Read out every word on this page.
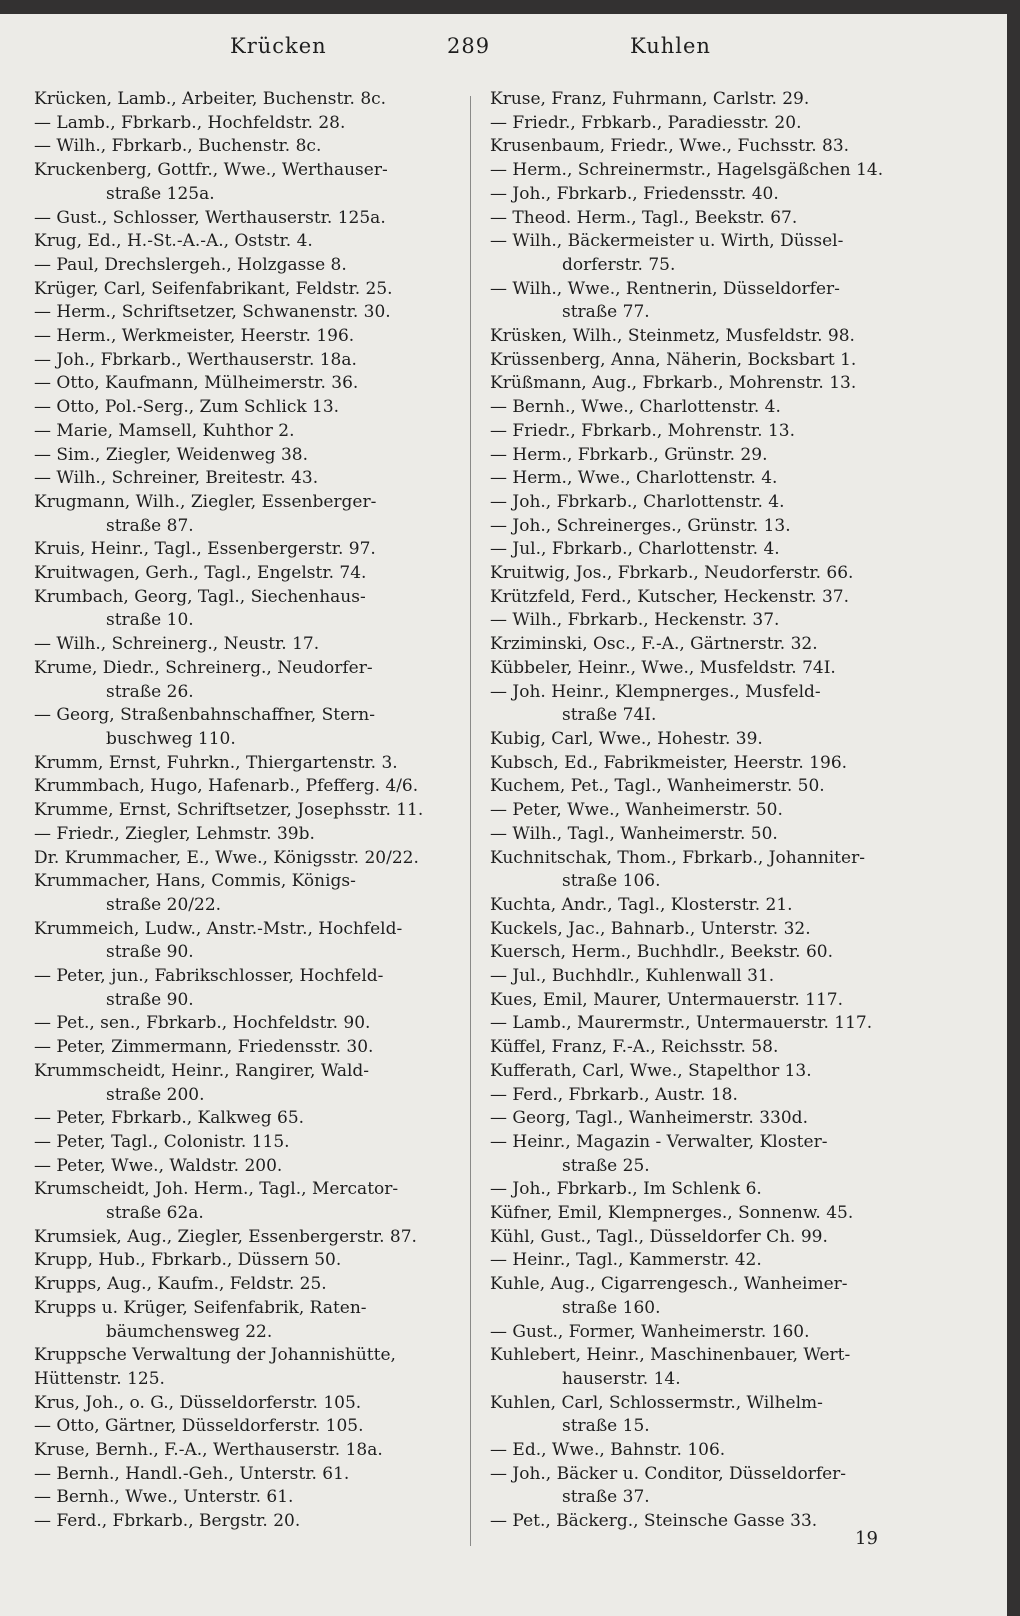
Krücken	289	Kuhlen
Krücken, Lamb., Arbeiter, Buchenstr. 8c.
— Lamb., Fbrkarb., Hochfeldstr. 28.
— Wilh., Fbrkarb., Buchenstr. 8c.
Kruckenberg, Gottfr., Wwe., Werthauser-
straße 125a.
— Gust., Schlosser, Werthauserstr. 125a.
Krug, Ed., H.-St.-A.-A., Oststr. 4.
— Paul, Drechslergeh., Holzgasse 8.
Krüger, Carl, Seifenfabrikant, Feldstr. 25.
— Herm., Schriftsetzer, Schwanenstr. 30.
— Herm., Werkmeister, Heerstr. 196.
— Joh., Fbrkarb., Werthauserstr. 18a.
— Otto, Kaufmann, Mülheimerstr. 36.
— Otto, Pol.-Serg., Zum Schlick 13.
— Marie, Mamsell, Kuhthor 2.
— Sim., Ziegler, Weidenweg 38.
— Wilh., Schreiner, Breitestr. 43.
Krugmann, Wilh., Ziegler, Essenberger-
straße 87.
Kruis, Heinr., Tagl., Essenbergerstr. 97.
Kruitwagen, Gerh., Tagl., Engelstr. 74.
Krumbach, Georg, Tagl., Siechenhaus-
straße 10.
— Wilh., Schreinerg., Neustr. 17.
Krume, Diedr., Schreinerg., Neudorfer-
straße 26.
— Georg, Straßenbahnschaffner, Stern-
buschweg 110.
Krumm, Ernst, Fuhrkn., Thiergartenstr. 3.
Krummbach, Hugo, Hafenarb., Pfefferg. 4/6.
Krumme, Ernst, Schriftsetzer, Josephsstr. 11.
— Friedr., Ziegler, Lehmstr. 39b.
Dr. Krummacher, E., Wwe., Königsstr. 20/22.
Krummacher, Hans, Commis, Königs-
straße 20/22.
Krummeich, Ludw., Anstr.-Mstr., Hochfeld-
straße 90.
— Peter, jun., Fabrikschlosser, Hochfeld-
straße 90.
— Pet., sen., Fbrkarb., Hochfeldstr. 90.
— Peter, Zimmermann, Friedensstr. 30.
Krummscheidt, Heinr., Rangirer, Wald-
straße 200.
— Peter, Fbrkarb., Kalkweg 65.
— Peter, Tagl., Colonistr. 115.
— Peter, Wwe., Waldstr. 200.
Krumscheidt, Joh. Herm., Tagl., Mercator-
straße 62a.
Krumsiek, Aug., Ziegler, Essenbergerstr. 87.
Krupp, Hub., Fbrkarb., Düssern 50.
Krupps, Aug., Kaufm., Feldstr. 25.
Krupps u. Krüger, Seifenfabrik, Raten-
bäumchensweg 22.
Kruppsche Verwaltung der Johannishütte,
Hüttenstr. 125.
Krus, Joh., o. G., Düsseldorferstr. 105.
— Otto, Gärtner, Düsseldorferstr. 105.
Kruse, Bernh., F.-A., Werthauserstr. 18a.
— Bernh., Handl.-Geh., Unterstr. 61.
— Bernh., Wwe., Unterstr. 61.
— Ferd., Fbrkarb., Bergstr. 20.
Kruse, Franz, Fuhrmann, Carlstr. 29.
— Friedr., Frbkarb., Paradiesstr. 20.
Krusenbaum, Friedr., Wwe., Fuchsstr. 83.
— Herm., Schreinermstr., Hagelsgäßchen 14.
— Joh., Fbrkarb., Friedensstr. 40.
— Theod. Herm., Tagl., Beekstr. 67.
— Wilh., Bäckermeister u. Wirth, Düssel-
dorferstr. 75.
— Wilh., Wwe., Rentnerin, Düsseldorfer-
straße 77.
Krüsken, Wilh., Steinmetz, Musfeldstr. 98.
Krüssenberg, Anna, Näherin, Bocksbart 1.
Krüßmann, Aug., Fbrkarb., Mohrenstr. 13.
— Bernh., Wwe., Charlottenstr. 4.
— Friedr., Fbrkarb., Mohrenstr. 13.
— Herm., Fbrkarb., Grünstr. 29.
— Herm., Wwe., Charlottenstr. 4.
— Joh., Fbrkarb., Charlottenstr. 4.
— Joh., Schreinerges., Grünstr. 13.
— Jul., Fbrkarb., Charlottenstr. 4.
Kruitwig, Jos., Fbrkarb., Neudorferstr. 66.
Krützfeld, Ferd., Kutscher, Heckenstr. 37.
— Wilh., Fbrkarb., Heckenstr. 37.
Krziminski, Osc., F.-A., Gärtnerstr. 32.
Kübbeler, Heinr., Wwe., Musfeldstr. 74I.
— Joh. Heinr., Klempnerges., Musfeld-
straße 74I.
Kubig, Carl, Wwe., Hohestr. 39.
Kubsch, Ed., Fabrikmeister, Heerstr. 196.
Kuchem, Pet., Tagl., Wanheimerstr. 50.
— Peter, Wwe., Wanheimerstr. 50.
— Wilh., Tagl., Wanheimerstr. 50.
Kuchnitschak, Thom., Fbrkarb., Johanniter-
straße 106.
Kuchta, Andr., Tagl., Klosterstr. 21.
Kuckels, Jac., Bahnarb., Unterstr. 32.
Kuersch, Herm., Buchhdlr., Beekstr. 60.
— Jul., Buchhdlr., Kuhlenwall 31.
Kues, Emil, Maurer, Untermauerstr. 117.
— Lamb., Maurermstr., Untermauerstr. 117.
Küffel, Franz, F.-A., Reichsstr. 58.
Kufferath, Carl, Wwe., Stapelthor 13.
— Ferd., Fbrkarb., Austr. 18.
— Georg, Tagl., Wanheimerstr. 330d.
— Heinr., Magazin - Verwalter, Kloster-
straße 25.
— Joh., Fbrkarb., Im Schlenk 6.
Küfner, Emil, Klempnerges., Sonnenw. 45.
Kühl, Gust., Tagl., Düsseldorfer Ch. 99.
— Heinr., Tagl., Kammerstr. 42.
Kuhle, Aug., Cigarrengesch., Wanheimer-
straße 160.
— Gust., Former, Wanheimerstr. 160.
Kuhlebert, Heinr., Maschinenbauer, Wert-
hauserstr. 14.
Kuhlen, Carl, Schlossermstr., Wilhelm-
straße 15.
— Ed., Wwe., Bahnstr. 106.
— Joh., Bäcker u. Conditor, Düsseldorfer-
straße 37.
— Pet., Bäckerg., Steinsche Gasse 33.
19
